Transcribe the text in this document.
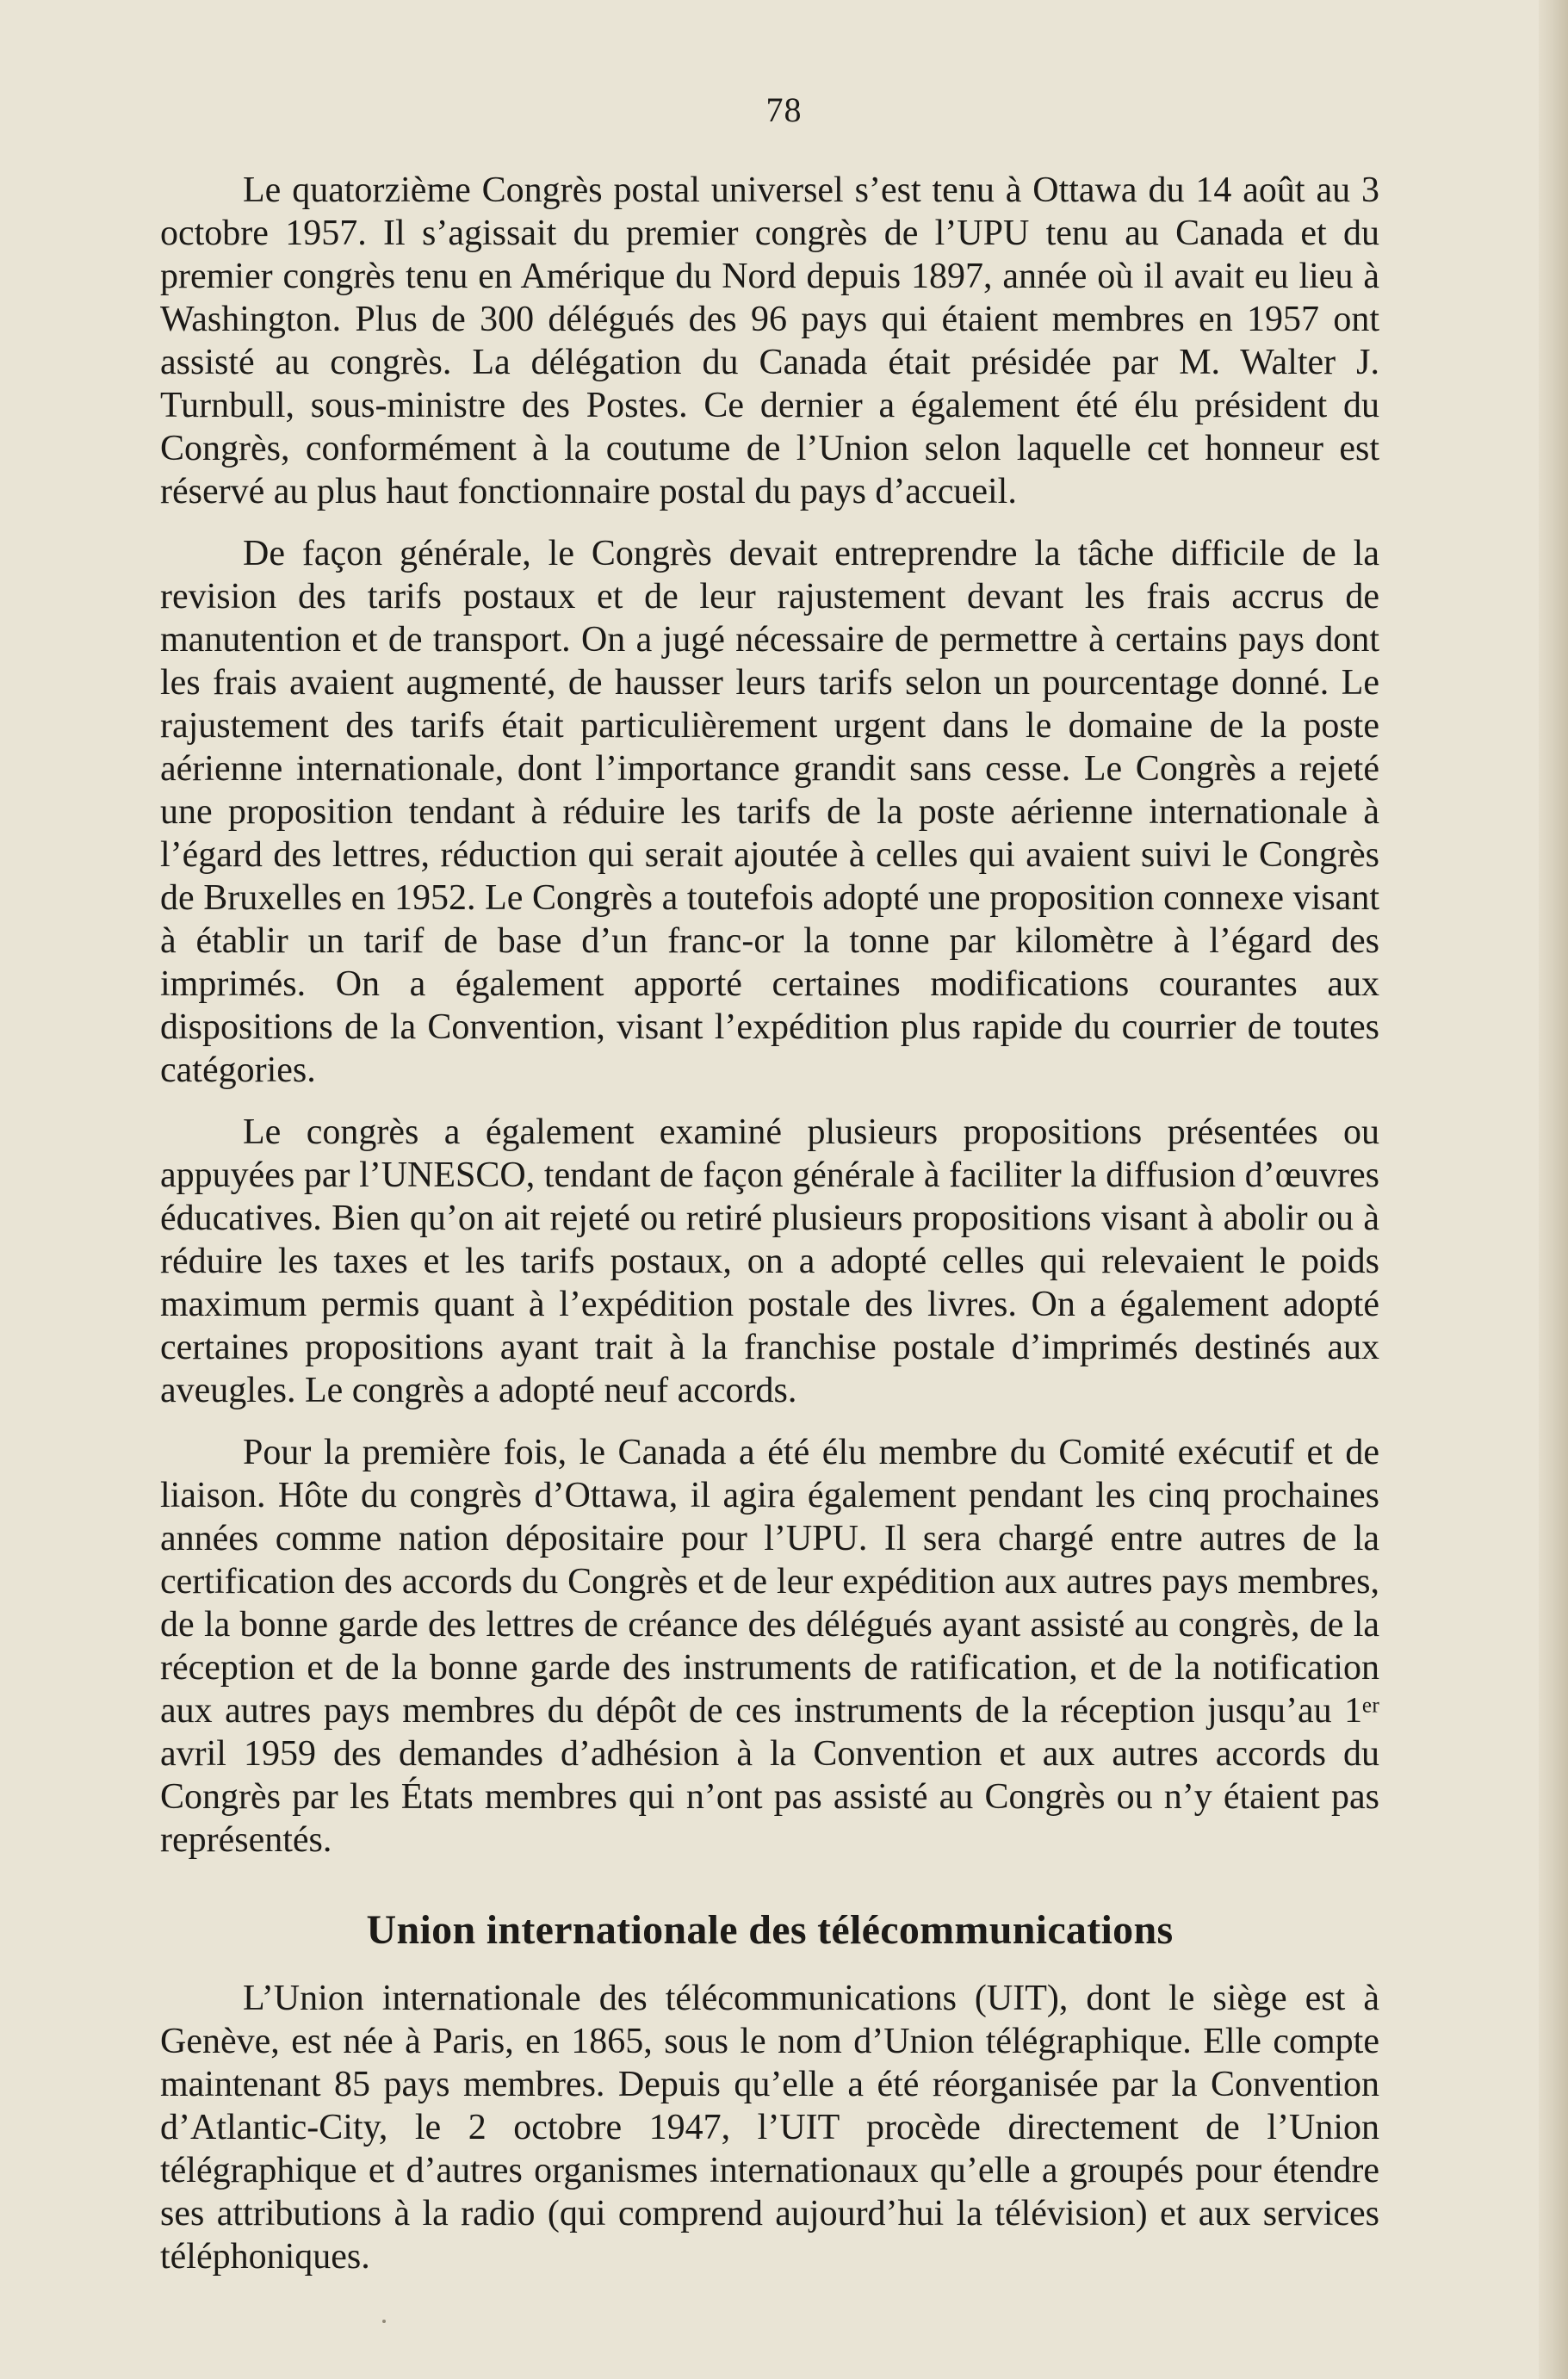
78

Le quatorzième Congrès postal universel s’est tenu à Ottawa du 14 août au 3 octobre 1957. Il s’agissait du premier congrès de l’UPU tenu au Canada et du premier congrès tenu en Amérique du Nord depuis 1897, année où il avait eu lieu à Washington. Plus de 300 délégués des 96 pays qui étaient membres en 1957 ont assisté au congrès. La délégation du Canada était présidée par M. Walter J. Turnbull, sous-ministre des Postes. Ce dernier a également été élu président du Congrès, conformément à la coutume de l’Union selon laquelle cet honneur est réservé au plus haut fonctionnaire postal du pays d’accueil.

De façon générale, le Congrès devait entreprendre la tâche difficile de la revision des tarifs postaux et de leur rajustement devant les frais accrus de manutention et de transport. On a jugé nécessaire de permettre à certains pays dont les frais avaient augmenté, de hausser leurs tarifs selon un pourcentage donné. Le rajustement des tarifs était particulièrement urgent dans le domaine de la poste aérienne internationale, dont l’importance grandit sans cesse. Le Congrès a rejeté une proposition tendant à réduire les tarifs de la poste aérienne internationale à l’égard des lettres, réduction qui serait ajoutée à celles qui avaient suivi le Congrès de Bruxelles en 1952. Le Congrès a toutefois adopté une proposition connexe visant à établir un tarif de base d’un franc-or la tonne par kilomètre à l’égard des imprimés. On a également apporté certaines modifications courantes aux dispositions de la Convention, visant l’expédition plus rapide du courrier de toutes catégories.

Le congrès a également examiné plusieurs propositions présentées ou appuyées par l’UNESCO, tendant de façon générale à faciliter la diffusion d’œuvres éducatives. Bien qu’on ait rejeté ou retiré plusieurs propositions visant à abolir ou à réduire les taxes et les tarifs postaux, on a adopté celles qui relevaient le poids maximum permis quant à l’expédition postale des livres. On a également adopté certaines propositions ayant trait à la franchise postale d’imprimés destinés aux aveugles. Le congrès a adopté neuf accords.

Pour la première fois, le Canada a été élu membre du Comité exécutif et de liaison. Hôte du congrès d’Ottawa, il agira également pendant les cinq prochaines années comme nation dépositaire pour l’UPU. Il sera chargé entre autres de la certification des accords du Congrès et de leur expédition aux autres pays membres, de la bonne garde des lettres de créance des délégués ayant assisté au congrès, de la réception et de la bonne garde des instruments de ratification, et de la notification aux autres pays membres du dépôt de ces instruments de la réception jusqu’au 1ᵉʳ avril 1959 des demandes d’adhésion à la Convention et aux autres accords du Congrès par les États membres qui n’ont pas assisté au Congrès ou n’y étaient pas représentés.

Union internationale des télécommunications

L’Union internationale des télécommunications (UIT), dont le siège est à Genève, est née à Paris, en 1865, sous le nom d’Union télégraphique. Elle compte maintenant 85 pays membres. Depuis qu’elle a été réorganisée par la Convention d’Atlantic-City, le 2 octobre 1947, l’UIT procède directement de l’Union télégraphique et d’autres organismes internationaux qu’elle a groupés pour étendre ses attributions à la radio (qui comprend aujourd’hui la télévision) et aux services téléphoniques.
